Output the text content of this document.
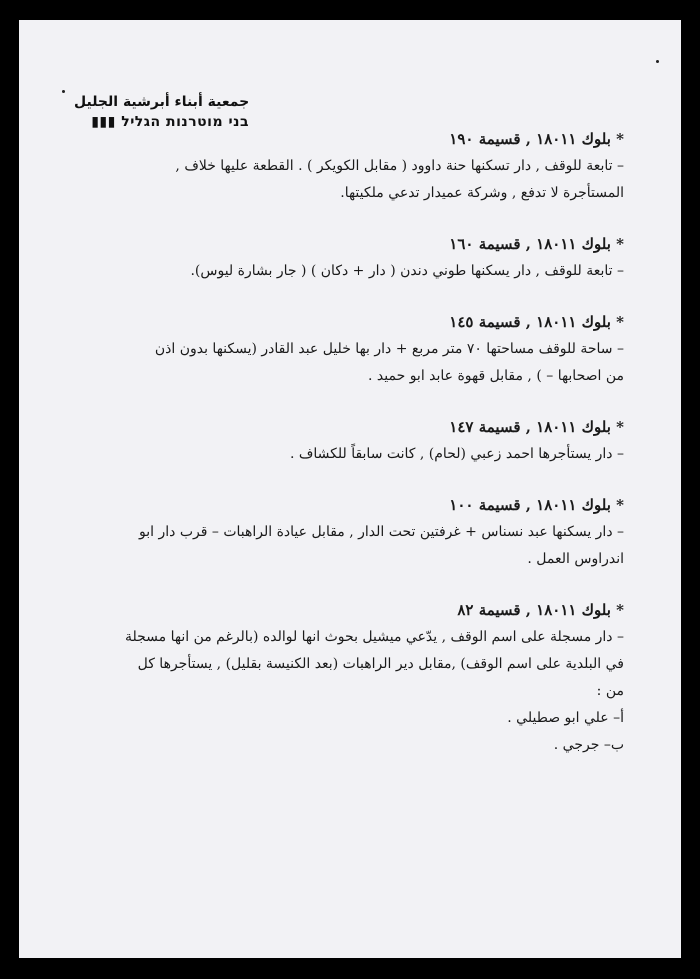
جمعية أبناء أبرشية الجليل
▮▮▮ בני מוטרנות הגליל

* بلوك ١٨٠١١ , قسيمة ١٩٠

– تابعة للوقف , دار تسكنها حنة داوود ( مقابل الكويكر ) . القطعة عليها خلاف ,

المستأجرة لا تدفع , وشركة عميدار تدعي ملكيتها.

* بلوك ١٨٠١١ , قسيمة ١٦٠

– تابعة للوقف , دار يسكنها طوني دندن ( دار + دكان ) ( جار بشارة ليوس).

* بلوك ١٨٠١١ , قسيمة ١٤٥

– ساحة للوقف مساحتها ٧٠ متر مربع + دار بها خليل عبد القادر (يسكنها بدون اذن

من اصحابها – ) , مقابل قهوة عابد ابو حميد .

* بلوك ١٨٠١١ , قسيمة ١٤٧

– دار يستأجرها احمد زعبي (لحام) , كانت سابقاً للكشاف .

* بلوك ١٨٠١١ , قسيمة ١٠٠

– دار يسكنها عبد نسناس + غرفتين تحت الدار , مقابل عيادة الراهبات – قرب دار ابو

اندراوس العمل .

* بلوك ١٨٠١١ , قسيمة ٨٢

– دار مسجلة على اسم الوقف , يدّعي ميشيل بحوث انها لوالده (بالرغم من انها مسجلة

في البلدية على اسم الوقف) ,مقابل دير الراهبات (بعد الكنيسة بقليل) , يستأجرها كل

من :

أ– علي ابو صطيلي .

ب– جرجي .
